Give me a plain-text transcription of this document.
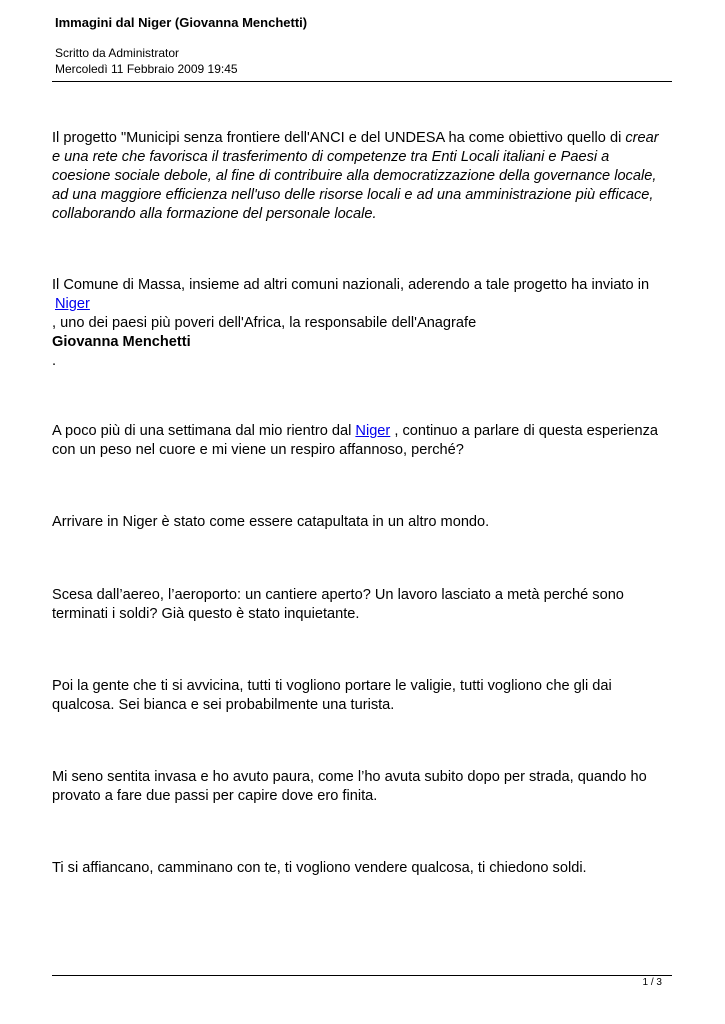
Immagini dal Niger (Giovanna Menchetti)
Scritto da Administrator
Mercoledì 11 Febbraio 2009 19:45
Il progetto "Municipi senza frontiere dell'ANCI e del UNDESA ha come obiettivo quello di crear
e una rete che favorisca il trasferimento di competenze tra Enti Locali italiani e Paesi a
coesione sociale debole, al fine di contribuire alla democratizzazione della governance locale,
ad una maggiore efficienza nell'uso delle risorse locali e ad una amministrazione più efficace,
collaborando alla formazione del personale locale.
Il Comune di Massa, insieme ad altri comuni nazionali, aderendo a tale progetto ha inviato in
Niger
, uno dei paesi più poveri dell'Africa, la responsabile dell'Anagrafe
Giovanna Menchetti
.
A poco più di una settimana dal mio rientro dal Niger , continuo a parlare di questa esperienza
con un peso nel cuore e mi viene un respiro affannoso, perché?
Arrivare in Niger è stato come essere catapultata in un altro mondo.
Scesa dall’aereo, l’aeroporto: un cantiere aperto? Un lavoro lasciato a metà perché sono
terminati i soldi? Già questo è stato inquietante.
Poi la gente che ti si avvicina, tutti ti vogliono portare le valigie, tutti vogliono che gli dai
qualcosa. Sei bianca e sei probabilmente una turista.
Mi seno sentita invasa e ho avuto paura, come l’ho avuta subito dopo per strada, quando ho
provato a fare due passi per capire dove ero finita.
Ti si affiancano, camminano con te, ti vogliono vendere qualcosa, ti chiedono soldi.
1 / 3
